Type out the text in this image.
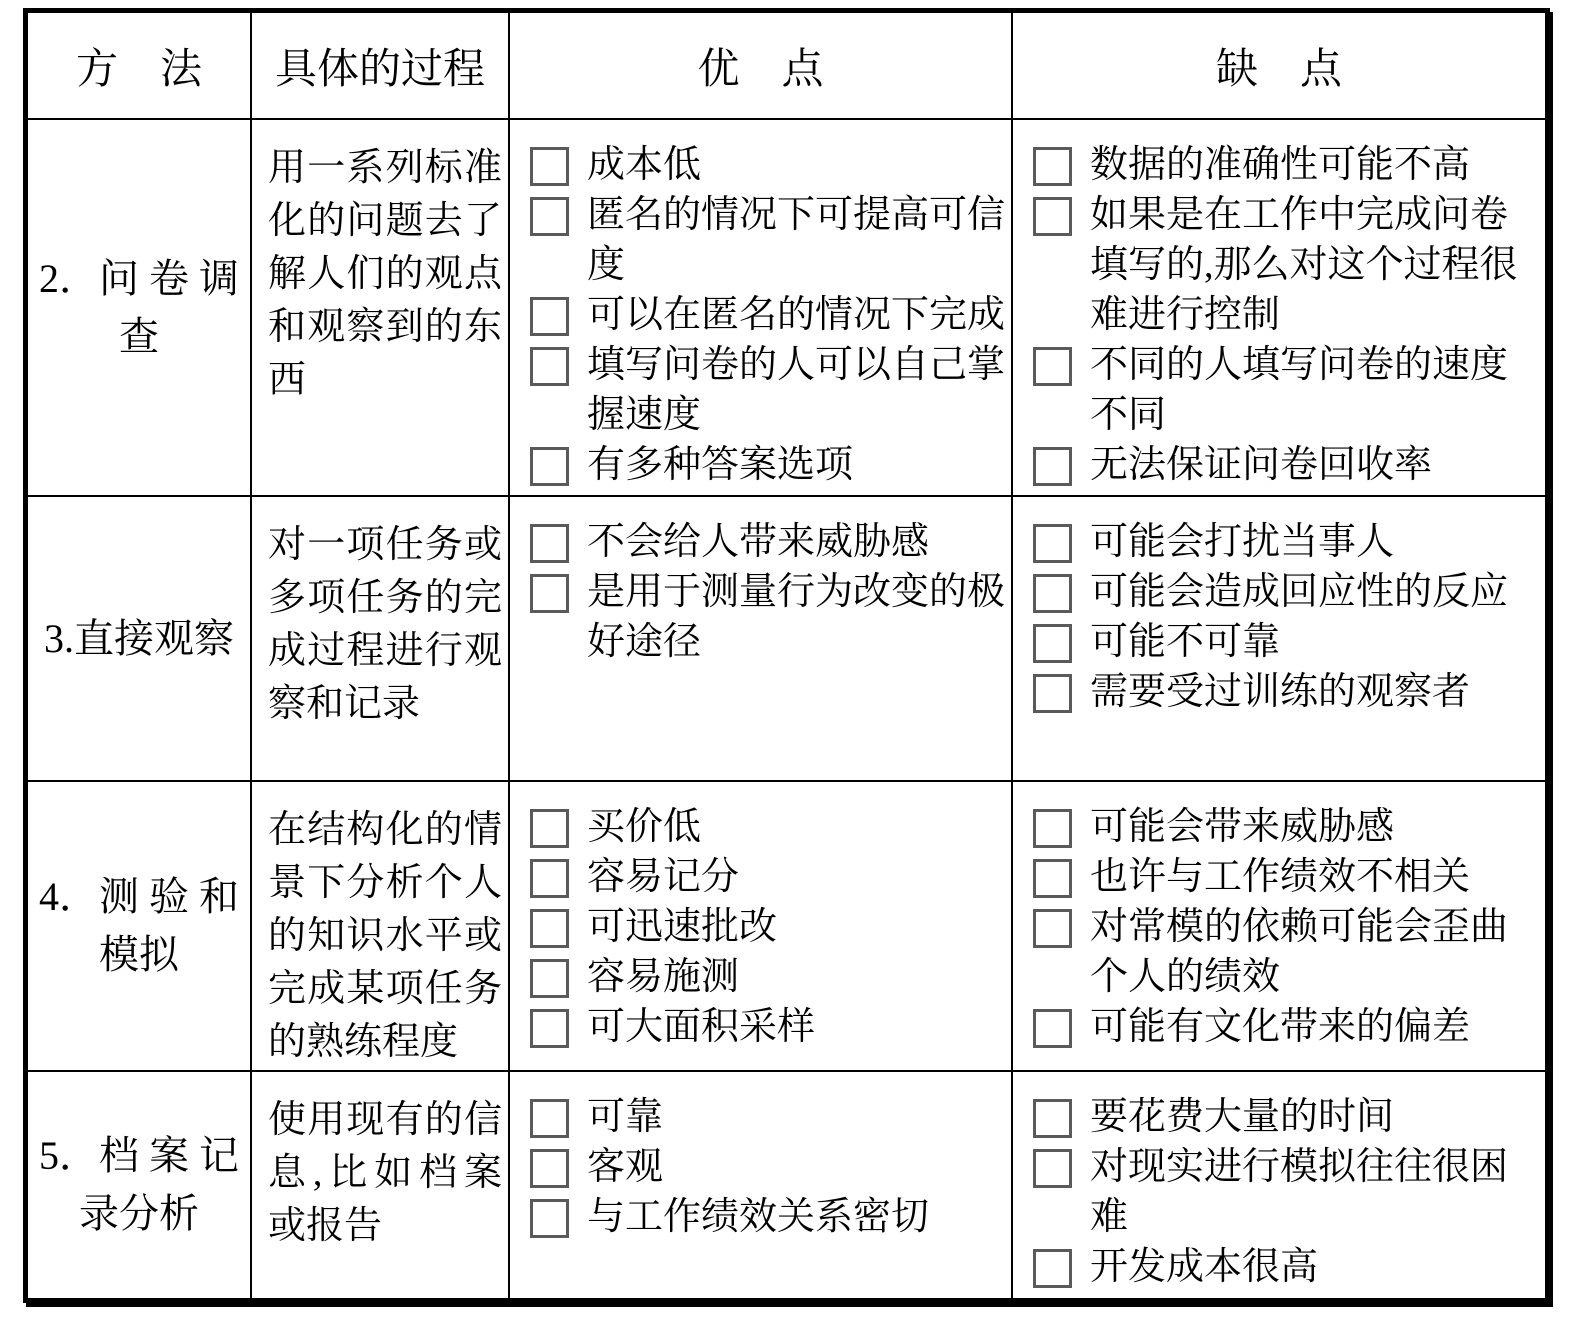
方　法 具体的过程	优　点	缺　点
2．问 卷 调
查
用一系列标准化的问题去了解人们的观点和观察到的东西
成本低
匿名的情况下可提高可信度
可以在匿名的情况下完成
填写问卷的人可以自己掌握速度
有多种答案选项
数据的准确性可能不高
如果是在工作中完成问卷填写的,那么对这个过程很难进行控制
不同的人填写问卷的速度不同
无法保证问卷回收率
3.直接观察
对一项任务或多项任务的完成过程进行观察和记录
不会给人带来威胁感
是用于测量行为改变的极好途径
可能会打扰当事人
可能会造成回应性的反应
可能不可靠
需要受过训练的观察者
4．测 验 和
模拟
在结构化的情景下分析个人的知识水平或完成某项任务的熟练程度
买价低
容易记分
可迅速批改
容易施测
可大面积采样
可能会带来威胁感
也许与工作绩效不相关
对常模的依赖可能会歪曲个人的绩效
可能有文化带来的偏差
5．档 案 记
录分析
使用现有的信息,比如档案或报告
可靠
客观
与工作绩效关系密切
要花费大量的时间
对现实进行模拟往往很困难
开发成本很高
